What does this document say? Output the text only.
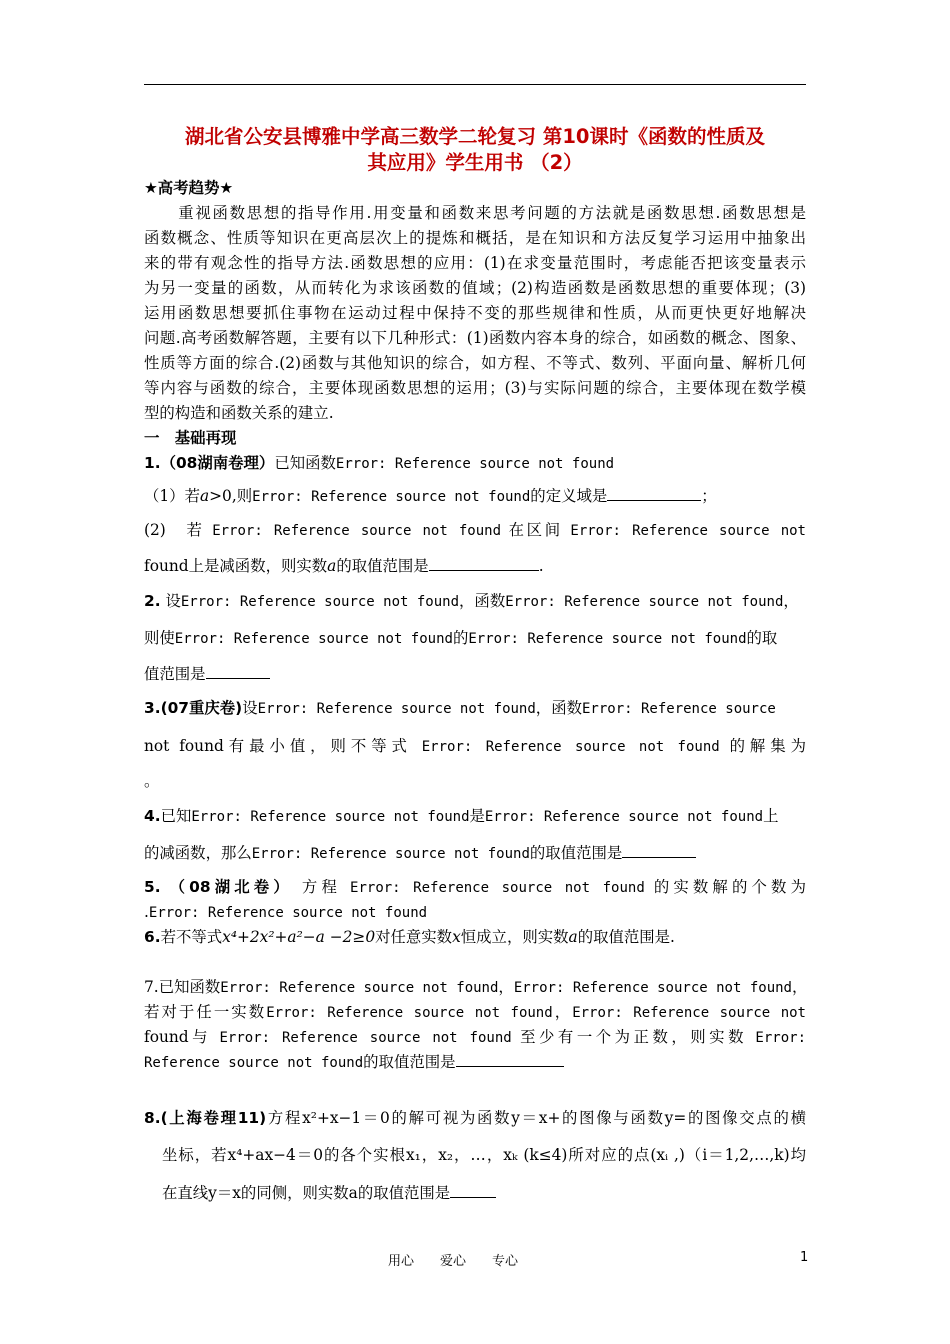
湖北省公安县博雅中学高三数学二轮复习 第10课时《函数的性质及
其应用》学生用书 （2）
★高考趋势★
　　重视函数思想的指导作用.用变量和函数来思考问题的方法就是函数思想.函数思想是
函数概念、性质等知识在更高层次上的提炼和概括，是在知识和方法反复学习运用中抽象出
来的带有观念性的指导方法.函数思想的应用：(1)在求变量范围时，考虑能否把该变量表示
为另一变量的函数，从而转化为求该函数的值域；(2)构造函数是函数思想的重要体现；(3)
运用函数思想要抓住事物在运动过程中保持不变的那些规律和性质，从而更快更好地解决
问题.高考函数解答题，主要有以下几种形式：(1)函数内容本身的综合，如函数的概念、图象、
性质等方面的综合.(2)函数与其他知识的综合，如方程、不等式、数列、平面向量、解析几何
等内容与函数的综合，主要体现函数思想的运用；(3)与实际问题的综合，主要体现在数学模
型的构造和函数关系的建立.
一　基础再现
1.（08湖南卷理）已知函数Error: Reference source not found
（1）若a>0,则Error: Reference source not found的定义域是	；
(2)　若 Error: Reference source not found 在区间 Error: Reference source not
found上是减函数，则实数a的取值范围是	.
2. 设Error: Reference source not found，函数Error: Reference source not found，
则使Error: Reference source not found的Error: Reference source not found的取
值范围是
3.(07重庆卷)设Error: Reference source not found，函数Error: Reference source
not found有最小值，则不等式 Error: Reference source not found 的解集为
。
4.已知Error: Reference source not found是Error: Reference source not found上
的减函数，那么Error: Reference source not found的取值范围是
5. （08湖北卷） 方程 Error: Reference source not found 的实数解的个数为
.Error: Reference source not found
6.若不等式x⁴+2x²+a²−a −2≥0对任意实数x恒成立，则实数a的取值范围是.
7.已知函数Error: Reference source not found，Error: Reference source not found，
若对于任一实数Error: Reference source not found，Error: Reference source not
found与 Error: Reference source not found 至少有一个为正数，则实数 Error:
Reference source not found的取值范围是
8.(上海卷理11)方程x²+x−1＝0的解可视为函数y＝x+的图像与函数y=的图像交点的横
坐标，若x⁴+ax−4＝0的各个实根x₁，x₂，…，xₖ (k≤4)所对应的点(xᵢ ,)（i＝1,2,…,k)均
在直线y＝x的同侧，则实数a的取值范围是
用心　　爱心　　专心	1
